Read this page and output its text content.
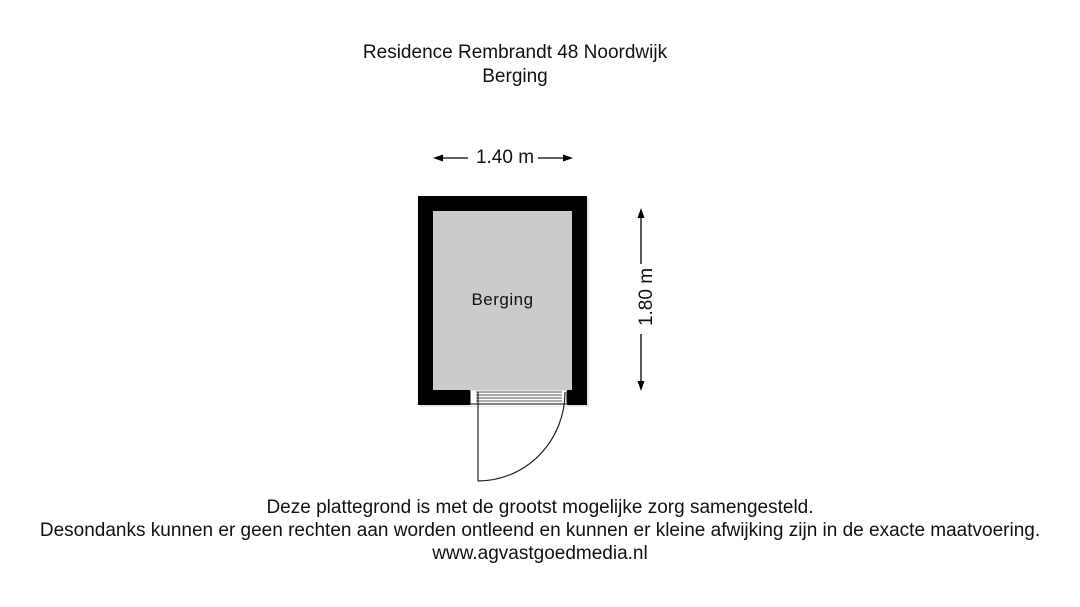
Residence Rembrandt 48 Noordwijk
Berging
1.40 m
1.80 m
Berging
Deze plattegrond is met de grootst mogelijke zorg samengesteld.
Desondanks kunnen er geen rechten aan worden ontleend en kunnen er kleine afwijking zijn in de exacte maatvoering.
www.agvastgoedmedia.nl
